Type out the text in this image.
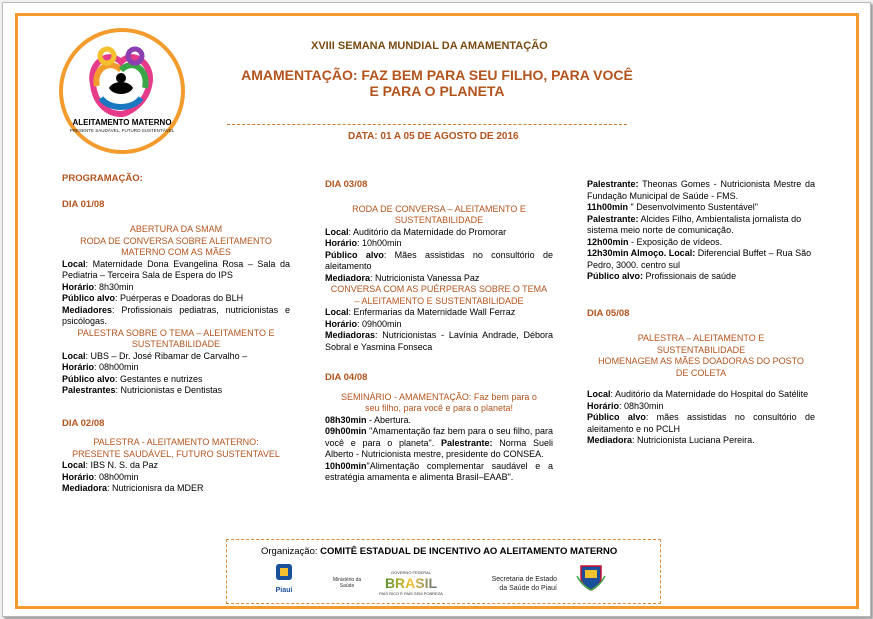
ALEITAMENTO MATERNO
PRESENTE SAUDÁVEL, FUTURO SUSTENTÁVEL
XVIII SEMANA MUNDIAL DA AMAMENTAÇÃO
AMAMENTAÇÃO: FAZ BEM PARA SEU FILHO, PARA VOCÊ
E PARA O PLANETA
DATA: 01 A 05 DE AGOSTO DE 2016

PROGRAMAÇÃO:

DIA 01/08

ABERTURA DA SMAM

RODA DE CONVERSA SOBRE ALEITAMENTO

MATERNO COM AS MÃES

Local: Maternidade Dona Evangelina Rosa – Sala da Pediatria – Terceira Sala de Espera do IPS

Horário: 8h30min

Público alvo: Puérperas e Doadoras do BLH

Mediadores: Profissionais pediatras, nutricionistas e psicólogas.

PALESTRA SOBRE O TEMA – ALEITAMENTO E

SUSTENTABILIDADE

Local: UBS – Dr. José Ribamar de Carvalho –

Horário: 08h00min

Público alvo: Gestantes e nutrizes

Palestrantes: Nutricionistas e Dentistas

DIA 02/08

PALESTRA - ALEITAMENTO MATERNO:

PRESENTE SAUDÁVEL, FUTURO SUSTENTAVEL

Local: IBS N. S. da Paz

Horário: 08h00min

Mediadora: Nutricionisra da MDER

DIA 03/08

RODA DE CONVERSA – ALEITAMENTO E

SUSTENTABILIDADE

Local: Auditório da Maternidade do Promorar

Horário: 10h00min

Público alvo: Mães assistidas no consultório de aleitamento

Mediadora: Nutricionista Vanessa Paz

CONVERSA COM AS PUÉRPERAS SOBRE O TEMA

– ALEITAMENTO E SUSTENTABILIDADE

Local: Enfermarias da Maternidade Wall Ferraz

Horário: 09h00min

Mediadoras: Nutricionistas - Lavínia Andrade, Débora Sobral e Yasmina Fonseca

DIA 04/08

SEMINÁRIO - AMAMENTAÇÃO: Faz bem para o

seu filho, para você e para o planeta!

08h30min - Abertura.

09h00min "Amamentação faz bem para o seu filho, para você e para o planeta". Palestrante: Norma Sueli Alberto - Nutricionista mestre, presidente do CONSEA.

10h00min"Alimentação complementar saudável e a estratégia amamenta e alimenta Brasil–EAAB".

Palestrante: Theonas Gomes - Nutricionista Mestre da Fundação Municipal de Saúde - FMS.

11h00min " Desenvolvimento Sustentável"

Palestrante: Alcides Filho, Ambientalista jornalista do sistema meio norte de comunicação.

12h00min - Exposição de vídeos.

12h30min Almoço. Local: Diferencial Buffet – Rua São Pedro, 3000. centro sul

Público alvo: Profissionais de saúde

DIA 05/08

PALESTRA – ALEITAMENTO E

SUSTENTABILIDADE

HOMENAGEM AS MÃES DOADORAS DO POSTO

DE COLETA

Local: Auditório da Maternidade do Hospital do Satélite

Horário: 08h30min

Público alvo: mães assistidas no consultório de aleitamento e no PCLH

Mediadora: Nutricionista Luciana Pereira.

Organização: COMITÊ ESTADUAL DE INCENTIVO AO ALEITAMENTO MATERNO
Piauí
Ministério da Saúde
GOVERNO FEDERAL
BRASIL
PAÍS RICO É PAÍS SEM POBREZA
Secretaria de Estado
da Saúde do Piauí
